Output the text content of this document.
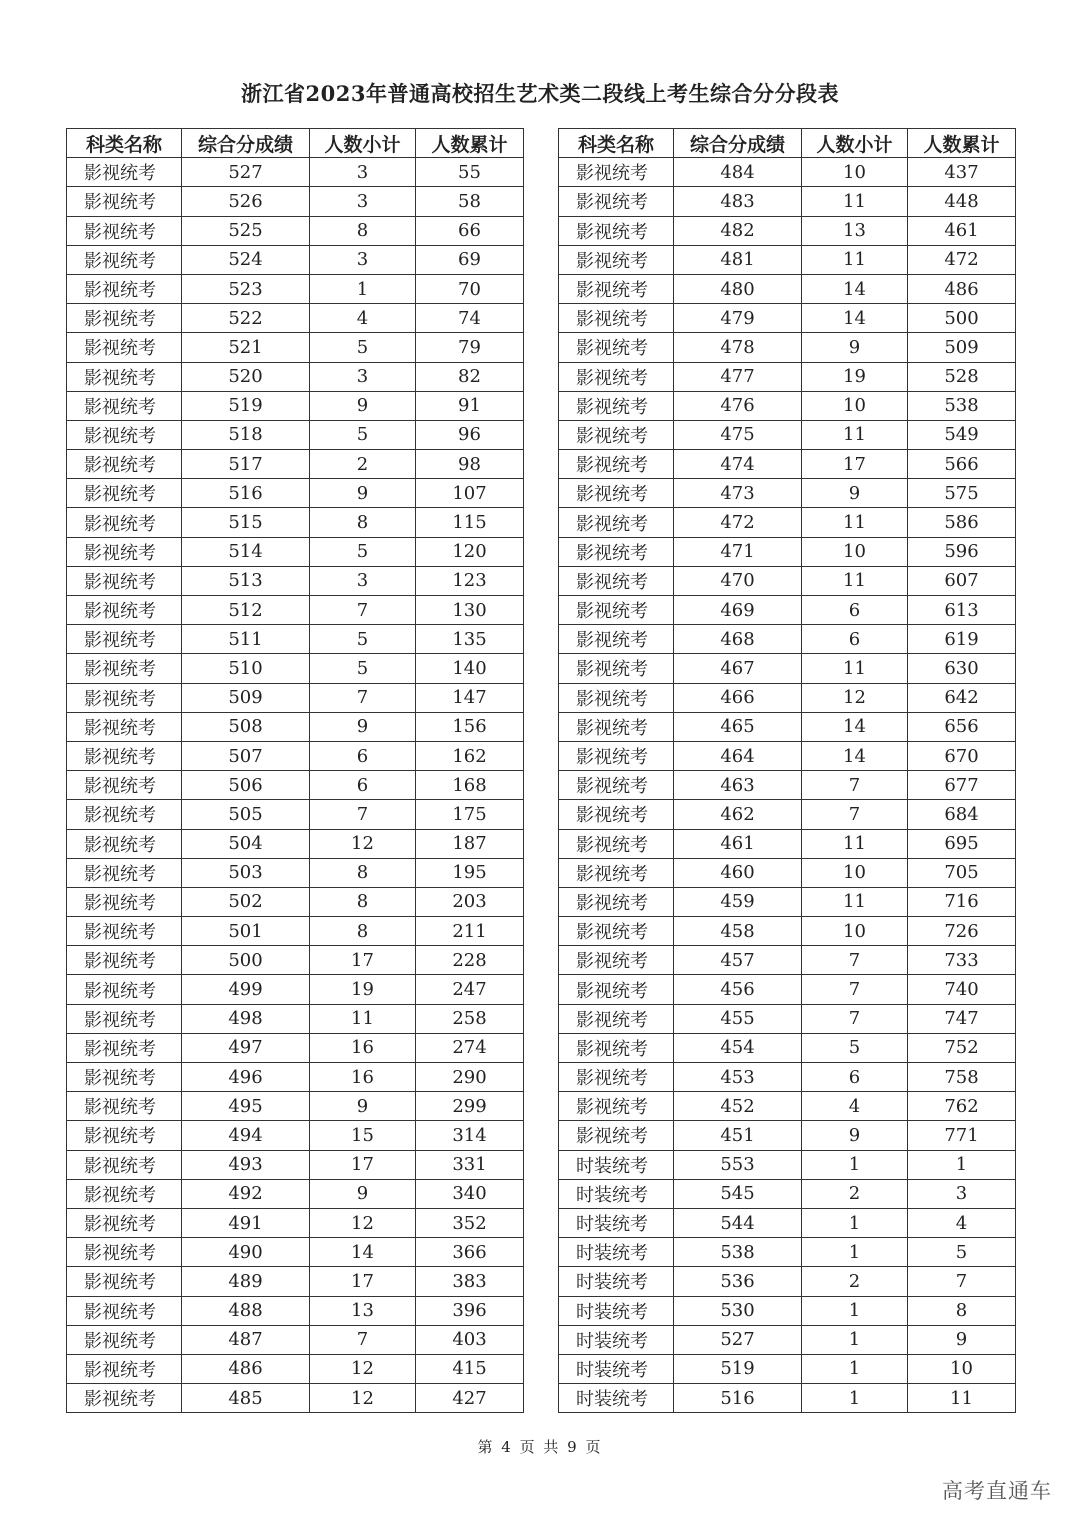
浙江省2023年普通高校招生艺术类二段线上考生综合分分段表
科类名称	综合分成绩	人数小计	人数累计
影视统考	527	3	55
影视统考	526	3	58
影视统考	525	8	66
影视统考	524	3	69
影视统考	523	1	70
影视统考	522	4	74
影视统考	521	5	79
影视统考	520	3	82
影视统考	519	9	91
影视统考	518	5	96
影视统考	517	2	98
影视统考	516	9	107
影视统考	515	8	115
影视统考	514	5	120
影视统考	513	3	123
影视统考	512	7	130
影视统考	511	5	135
影视统考	510	5	140
影视统考	509	7	147
影视统考	508	9	156
影视统考	507	6	162
影视统考	506	6	168
影视统考	505	7	175
影视统考	504	12	187
影视统考	503	8	195
影视统考	502	8	203
影视统考	501	8	211
影视统考	500	17	228
影视统考	499	19	247
影视统考	498	11	258
影视统考	497	16	274
影视统考	496	16	290
影视统考	495	9	299
影视统考	494	15	314
影视统考	493	17	331
影视统考	492	9	340
影视统考	491	12	352
影视统考	490	14	366
影视统考	489	17	383
影视统考	488	13	396
影视统考	487	7	403
影视统考	486	12	415
影视统考	485	12	427
科类名称	综合分成绩	人数小计	人数累计
影视统考	484	10	437
影视统考	483	11	448
影视统考	482	13	461
影视统考	481	11	472
影视统考	480	14	486
影视统考	479	14	500
影视统考	478	9	509
影视统考	477	19	528
影视统考	476	10	538
影视统考	475	11	549
影视统考	474	17	566
影视统考	473	9	575
影视统考	472	11	586
影视统考	471	10	596
影视统考	470	11	607
影视统考	469	6	613
影视统考	468	6	619
影视统考	467	11	630
影视统考	466	12	642
影视统考	465	14	656
影视统考	464	14	670
影视统考	463	7	677
影视统考	462	7	684
影视统考	461	11	695
影视统考	460	10	705
影视统考	459	11	716
影视统考	458	10	726
影视统考	457	7	733
影视统考	456	7	740
影视统考	455	7	747
影视统考	454	5	752
影视统考	453	6	758
影视统考	452	4	762
影视统考	451	9	771
时装统考	553	1	1
时装统考	545	2	3
时装统考	544	1	4
时装统考	538	1	5
时装统考	536	2	7
时装统考	530	1	8
时装统考	527	1	9
时装统考	519	1	10
时装统考	516	1	11
第 4 页 共 9 页
高考直通车
